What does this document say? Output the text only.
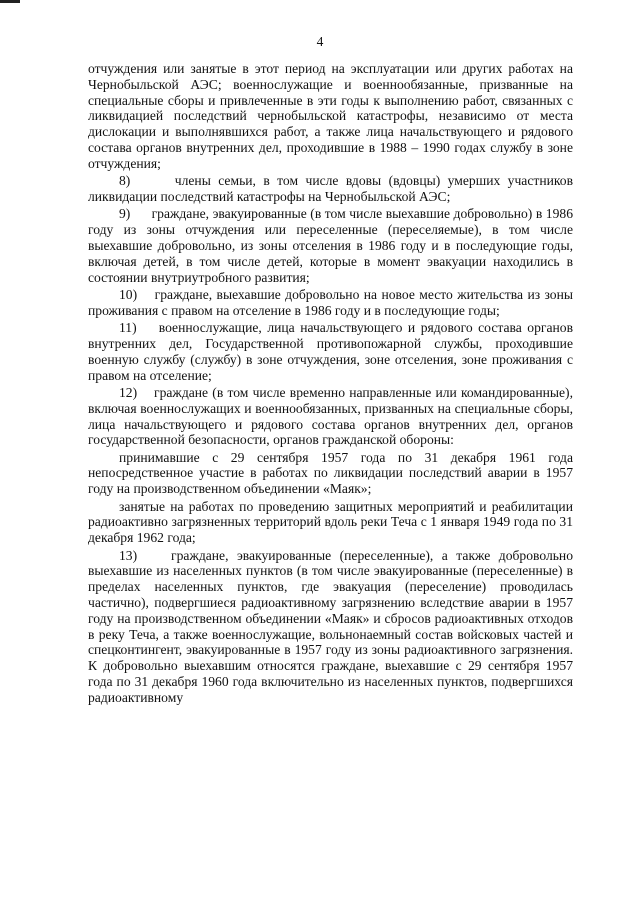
4

отчуждения или занятые в этот период на эксплуатации или других работах на Чернобыльской АЭС; военнослужащие и военнообязанные, призванные на специальные сборы и привлеченные в эти годы к выполнению работ, связанных с ликвидацией последствий чернобыльской катастрофы, независимо от места дислокации и выполнявшихся работ, а также лица начальствующего и рядового состава органов внутренних дел, проходившие в 1988 – 1990 годах службу в зоне отчуждения;

8)      члены семьи, в том числе вдовы (вдовцы) умерших участников ликвидации последствий катастрофы на Чернобыльской АЭС;

9)      граждане, эвакуированные (в том числе выехавшие добровольно) в 1986 году из зоны отчуждения или переселенные (переселяемые), в том числе выехавшие добровольно, из зоны отселения в 1986 году и в последующие годы, включая детей, в том числе детей, которые в момент эвакуации находились в состоянии внутриутробного развития;

10)    граждане, выехавшие добровольно на новое место жительства из зоны проживания с правом на отселение в 1986 году и в последующие годы;

11)    военнослужащие, лица начальствующего и рядового состава органов внутренних дел, Государственной противопожарной службы, проходившие военную службу (службу) в зоне отчуждения, зоне отселения, зоне проживания с правом на отселение;

12)    граждане (в том числе временно направленные или командированные), включая военнослужащих и военнообязанных, призванных на специальные сборы, лица начальствующего и рядового состава органов внутренних дел, органов государственной безопасности, органов гражданской обороны:

принимавшие с 29 сентября 1957 года по 31 декабря 1961 года непосредственное участие в работах по ликвидации последствий аварии в 1957 году на производственном объединении «Маяк»;

занятые на работах по проведению защитных мероприятий и реабилитации радиоактивно загрязненных территорий вдоль реки Теча с 1 января 1949 года по 31 декабря 1962 года;

13)    граждане, эвакуированные (переселенные), а также добровольно выехавшие из населенных пунктов (в том числе эвакуированные (переселенные) в пределах населенных пунктов, где эвакуация (переселение) проводилась частично), подвергшиеся радиоактивному загрязнению вследствие аварии в 1957 году на производственном объединении «Маяк» и сбросов радиоактивных отходов в реку Теча, а также военнослужащие, вольнонаемный состав войсковых частей и спецконтингент, эвакуированные в 1957 году из зоны радиоактивного загрязнения. К добровольно выехавшим относятся граждане, выехавшие с 29 сентября 1957 года по 31 декабря 1960 года включительно из населенных пунктов, подвергшихся радиоактивному
